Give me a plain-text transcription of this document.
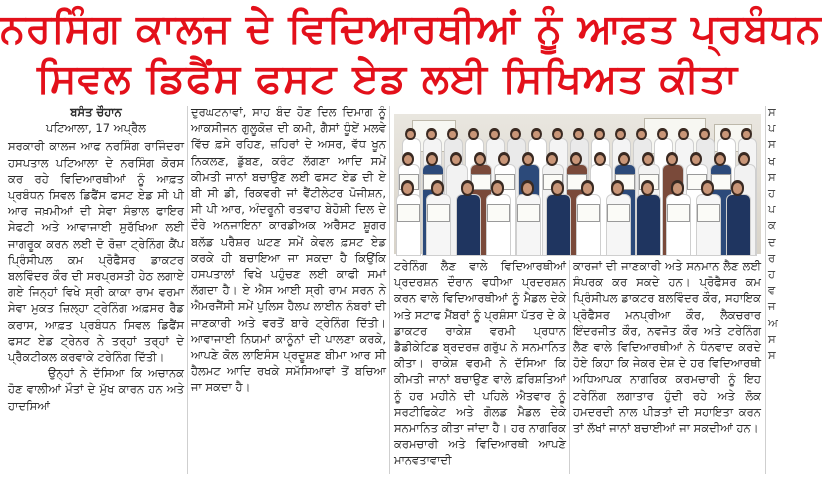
ਨਰਸਿੰਗ ਕਾਲਜ ਦੇ ਵਿਦਿਆਰਥੀਆਂ ਨੂੰ ਆਫ਼ਤ ਪ੍ਰਬੰਧਨ
ਸਿਵਲ ਡਿਫੈਂਸ ਫਸਟ ਏਡ ਲਈ ਸਿਖਿਅਤ ਕੀਤਾ
ਬਸੰਤ ਚੌਹਾਨ
ਪਟਿਆਲਾ, 17 ਅਪ੍ਰੈਲ

ਸਰਕਾਰੀ ਕਾਲਜ ਆਫ ਨਰਸਿੰਗ ਰਾਜਿੰਦਰਾ ਹਸਪਤਾਲ ਪਟਿਆਲਾ ਦੇ ਨਰਸਿੰਗ ਕੋਰਸ ਕਰ ਰਹੇ ਵਿਦਿਆਰਥੀਆਂ ਨੂੰ ਆਫ਼ਤ ਪ੍ਰਬੰਧਨ ਸਿਵਲ ਡਿਫੈਂਸ ਫਸਟ ਏਡ ਸੀ ਪੀ ਆਰ ਜਖ਼ਮੀਆਂ ਦੀ ਸੇਵਾ ਸੰਭਾਲ ਫਾਇਰ ਸੇਫਟੀ ਅਤੇ ਆਵਾਜਾਈ ਸੁਰੱਖਿਆ ਲਈ ਜਾਗਰੂਕ ਕਰਨ ਲਈ ਦੋ ਰੋਜ਼ਾ ਟ੍ਰੇਨਿੰਗ ਕੈਂਪ ਪ੍ਰਿੰਸੀਪਲ ਕਮ ਪ੍ਰੋਫੈਸਰ ਡਾਕਟਰ ਬਲਵਿੰਦਰ ਕੌਰ ਦੀ ਸਰਪ੍ਰਸਤੀ ਹੇਠ ਲਗਾਏ ਗਏ ਜਿਨ੍ਹਾਂ ਵਿਖੇ ਸ੍ਰੀ ਕਾਕਾ ਰਾਮ ਵਰਮਾ ਸੇਵਾ ਮੁਕਤ ਜ਼ਿਲ੍ਹਾ ਟ੍ਰੇਨਿੰਗ ਅਫ਼ਸਰ ਰੈਡ ਕਰਾਸ, ਆਫ਼ਤ ਪ੍ਰਬੰਧਨ ਸਿਵਲ ਡਿਫੈਂਸ ਫਸਟ ਏਡ ਟ੍ਰੇਨਰ ਨੇ ਤਰ੍ਹਾਂ ਤਰ੍ਹਾਂ ਦੇ ਪ੍ਰੈਕਟੀਕਲ ਕਰਵਾਕੇ ਟਰੇਨਿੰਗ ਦਿੱਤੀ।

ਉਨ੍ਹਾਂ ਨੇ ਦੱਸਿਆ ਕਿ ਅਚਾਨਕ ਹੋਣ ਵਾਲੀਆਂ ਮੌਤਾਂ ਦੇ ਮੁੱਖ ਕਾਰਨ ਹਨ ਅਤੇ ਹਾਦਸਿਆਂ

ਦੁਰਘਟਨਾਵਾਂ, ਸਾਹ ਬੰਦ ਹੋਣ ਦਿਲ ਦਿਮਾਗ ਨੂੰ ਆਕਸੀਜਨ ਗੁਲੂਕੋਜ਼ ਦੀ ਕਮੀ, ਗੈਸਾਂ ਧੂੰਏਂ ਮਲਵੇ ਵਿੱਚ ਫ਼ਸੇ ਰਹਿਣ, ਜ਼ਹਿਰਾਂ ਦੇ ਅਸਰ, ਵੱਧ ਖੂਨ ਨਿਕਲਣ, ਡੁੱਬਣ, ਕਰੰਟ ਲੱਗਣਾ ਆਦਿ ਸਮੇਂ ਕੀਮਤੀ ਜਾਨਾਂ ਬਚਾਉਣ ਲਈ ਫਸਟ ਏਡ ਦੀ ਏ ਬੀ ਸੀ ਡੀ, ਰਿਕਵਰੀ ਜਾਂ ਵੈਂਟੀਲੇਟਰ ਪੋਜੀਸ਼ਨ, ਸੀ ਪੀ ਆਰ, ਅੰਦਰੂਨੀ ਰਤਵਾਹ ਬੇਹੋਸ਼ੀ ਦਿਲ ਦੇ ਦੌਰੇ ਅਨਜਾਇਨਾ ਕਾਰਡੀਅਕ ਅਰੈਸਟ ਸ਼ੂਗਰ ਬਲੱਡ ਪਰੈਸ਼ਰ ਘਟਣ ਸਮੇਂ ਕੇਵਲ ਫ਼ਸਟ ਏਡ ਕਰਕੇ ਹੀ ਬਚਾਇਆ ਜਾ ਸਕਦਾ ਹੈ ਕਿਉਂਕਿ ਹਸਪਤਾਲਾਂ ਵਿਖੇ ਪਹੁੰਚਣ ਲਈ ਕਾਫੀ ਸਮਾਂ ਲੱਗਦਾ ਹੈ। ਏ ਐਸ ਆਈ ਸ੍ਰੀ ਰਾਮ ਸਰਨ ਨੇ ਐਮਰਜੈਂਸੀ ਸਮੇਂ ਪੁਲਿਸ ਹੈਲਪ ਲਾਈਨ ਨੰਬਰਾਂ ਦੀ ਜਾਣਕਾਰੀ ਅਤੇ ਵਰਤੋਂ ਬਾਰੇ ਟ੍ਰੇਨਿੰਗ ਦਿੱਤੀ। ਆਵਾਜਾਈ ਨਿਯਮਾਂ ਕਾਨੂੰਨਾਂ ਦੀ ਪਾਲਣਾ ਕਰਕੇ, ਆਪਣੇ ਕੋਲ ਲਾਇਸੰਸ ਪ੍ਰਦੂਸ਼ਣ ਬੀਮਾ ਆਰ ਸੀ ਹੈਲਮਟ ਆਦਿ ਰਖਕੇ ਸਮੱਸਿਆਵਾਂ ਤੋਂ ਬਚਿਆ ਜਾ ਸਕਦਾ ਹੈ।

ਟਰੇਨਿੰਗ ਲੈਣ ਵਾਲੇ ਵਿਦਿਆਰਥੀਆਂ ਪ੍ਰਦਰਸ਼ਨ ਦੌਰਾਨ ਵਧੀਆ ਪ੍ਰਦਰਸ਼ਨ ਕਰਨ ਵਾਲੇ ਵਿਦਿਆਰਥੀਆਂ ਨੂੰ ਮੈਡਲ ਦੇਕੇ ਅਤੇ ਸਟਾਫ ਮੈਂਬਰਾਂ ਨੂੰ ਪ੍ਰਸ਼ੰਸਾ ਪੱਤਰ ਦੇ ਕੇ ਡਾਕਟਰ ਰਾਕੇਸ਼ ਵਰਮੀ ਪ੍ਰਧਾਨ ਡੈਡੀਕੇਟਿਡ ਬ੍ਰਦਰਜ਼ ਗਰੁੱਪ ਨੇ ਸਨਮਾਨਿਤ ਕੀਤਾ। ਰਾਕੇਸ਼ ਵਰਮੀ ਨੇ ਦੱਸਿਆ ਕਿ ਕੀਮਤੀ ਜਾਨਾਂ ਬਚਾਉਣ ਵਾਲੇ ਫ਼ਰਿਸ਼ਤਿਆਂ ਨੂੰ ਹਰ ਮਹੀਨੇ ਦੀ ਪਹਿਲੇ ਐਤਵਾਰ ਨੂੰ ਸਰਟੀਫਿਕੇਟ ਅਤੇ ਗੋਲਡ ਮੈਡਲ ਦੇਕੇ ਸਨਮਾਨਿਤ ਕੀਤਾ ਜਾਂਦਾ ਹੈ। ਹਰ ਨਾਗਰਿਕ ਕਰਮਚਾਰੀ ਅਤੇ ਵਿਦਿਆਰਥੀ ਆਪਣੇ ਮਾਨਵਤਾਵਾਦੀ

ਕਾਰਜਾਂ ਦੀ ਜਾਣਕਾਰੀ ਅਤੇ ਸਨਮਾਨ ਲੈਣ ਲਈ ਸੰਪਰਕ ਕਰ ਸਕਦੇ ਹਨ। ਪ੍ਰੋਫੈਸਰ ਕਮ ਪ੍ਰਿੰਸੀਪਲ ਡਾਕਟਰ ਬਲਵਿੰਦਰ ਕੌਰ, ਸਹਾਇਕ ਪ੍ਰੋਫੈਸਰ ਮਨਪ੍ਰੀਆ ਕੌਰ, ਲੈਕਚਰਾਰ ਇੰਦਰਜੀਤ ਕੌਰ, ਨਵਜੋਤ ਕੌਰ ਅਤੇ ਟਰੇਨਿੰਗ ਲੈਣ ਵਾਲੇ ਵਿਦਿਆਰਥੀਆਂ ਨੇ ਧੰਨਵਾਦ ਕਰਦੇ ਹੋਏ ਕਿਹਾ ਕਿ ਜੇਕਰ ਦੇਸ਼ ਦੇ ਹਰ ਵਿਦਿਆਰਥੀ ਅਧਿਆਪਕ ਨਾਗਰਿਕ ਕਰਮਚਾਰੀ ਨੂੰ ਇਹ ਟਰੇਨਿੰਗ ਲਗਾਤਾਰ ਹੁੰਦੀ ਰਹੇ ਅਤੇ ਲੋਕ ਹਮਦਰਦੀ ਨਾਲ ਪੀੜਤਾਂ ਦੀ ਸਹਾਇਤਾ ਕਰਨ ਤਾਂ ਲੱਖਾਂ ਜਾਨਾਂ ਬਚਾਈਆਂ ਜਾ ਸਕਦੀਆਂ ਹਨ।

ਸ ਪ ਸ ਖ ਸ ਹ ਪ ਕ ਦ ਰ ਹ ਵ ਜ ਅ ਸ ਸ
